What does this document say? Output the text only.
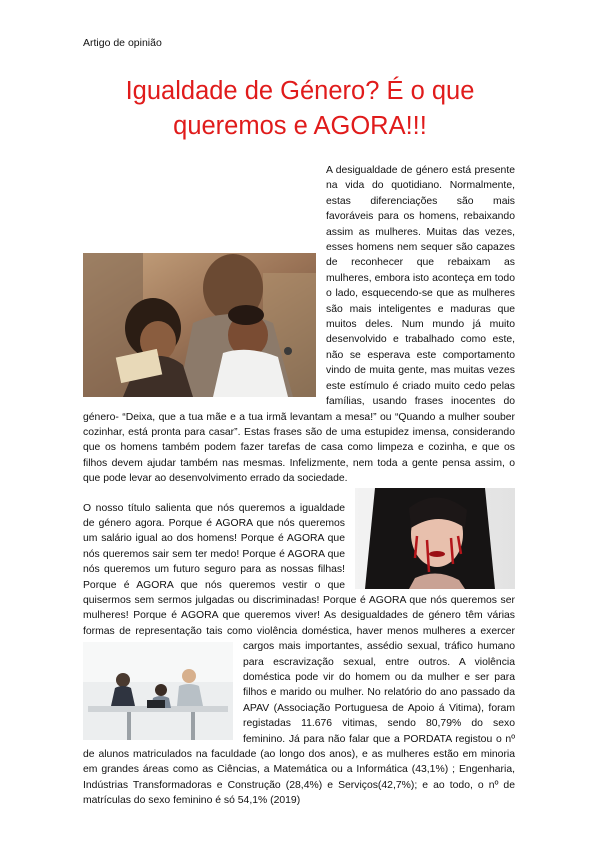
Artigo de opinião
Igualdade de Género? É o que
queremos e AGORA!!!

A desigualdade de género está presente na vida do quotidiano. Normalmente, estas diferenciações são mais favoráveis para os homens, rebaixando assim as mulheres. Muitas das vezes, esses homens nem sequer são capazes de reconhecer que rebaixam as mulheres, embora isto aconteça em todo o lado, esquecendo-se que as mulheres são mais inteligentes e maduras que muitos deles. Num mundo já muito desenvolvido e trabalhado como este, não se esperava este comportamento vindo de muita gente, mas muitas vezes este estímulo é criado muito cedo pelas famílias, usando frases inocentes do género- “Deixa, que a tua mãe e a tua irmã levantam a mesa!” ou “Quando a mulher souber cozinhar, está pronta para casar”. Estas frases são de uma estupidez imensa, considerando que os homens também podem fazer tarefas de casa como limpeza e cozinha, e que os filhos devem ajudar também nas mesmas. Infelizmente, nem toda a gente pensa assim, o que pode levar ao desenvolvimento errado da sociedade.

O nosso título salienta que nós queremos a igualdade de género agora. Porque é AGORA que nós queremos um salário igual ao dos homens! Porque é AGORA que nós queremos sair sem ter medo! Porque é AGORA que nós queremos um futuro seguro para as nossas filhas! Porque é AGORA que nós queremos vestir o que quisermos sem sermos julgadas ou discriminadas! Porque é AGORA que nós queremos ser mulheres! Porque é AGORA que queremos viver! As desigualdades de género têm várias formas de representação tais como violência doméstica, haver menos
mulheres a exercer cargos mais importantes, assédio sexual, tráfico humano para escravização sexual, entre outros. A violência doméstica pode vir do homem ou da mulher e ser para filhos e marido ou mulher. No relatório do ano passado da APAV (Associação Portuguesa de Apoio á Vitima), foram registadas 11.676 vitimas, sendo 80,79% do sexo feminino. Já para não falar que a PORDATA registou o nº de alunos matriculados na faculdade (ao longo dos anos), e as mulheres estão em minoria em grandes áreas como as Ciências, a Matemática ou a Informática (43,1%) ; Engenharia, Indústrias Transformadoras e Construção (28,4%) e Serviços(42,7%); e ao todo, o nº de matrículas do sexo feminino é só 54,1% (2019)
